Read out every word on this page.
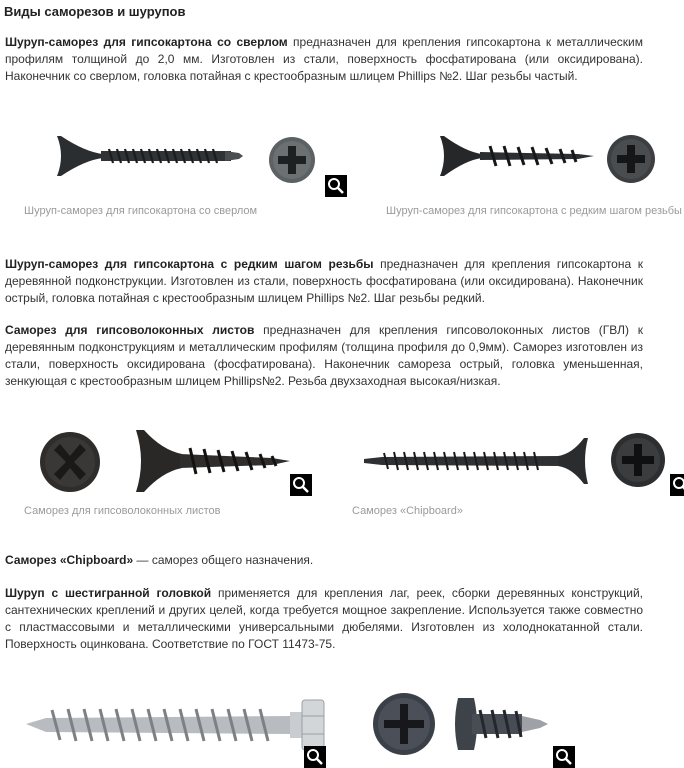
Виды саморезов и шурупов

Шуруп-саморез для гипсокартона со сверлом предназначен для крепления гипсокартона к металлическим профилям толщиной до 2,0 мм. Изготовлен из стали, поверхность фосфатирована (или оксидирована). Наконечник со сверлом, головка потайная с крестообразным шлицем Phillips №2. Шаг резьбы частый.

Шуруп-саморез для гипсокартона со сверлом	Шуруп-саморез для гипсокартона с редким шагом резьбы

Шуруп-саморез для гипсокартона с редким шагом резьбы предназначен для крепления гипсокартона к деревянной подконструкции. Изготовлен из стали, поверхность фосфатирована (или оксидирована). Наконечник острый, головка потайная с крестообразным шлицем Phillips №2. Шаг резьбы редкий.

Саморез для гипсоволоконных листов предназначен для крепления гипсоволоконных листов (ГВЛ) к деревянным подконструкциям и металлическим профилям (толщина профиля до 0,9мм). Саморез изготовлен из стали, поверхность оксидирована (фосфатирована). Наконечник самореза острый, головка уменьшенная, зенкующая с крестообразным шлицем Phillips№2. Резьба двухзаходная высокая/низкая.

Саморез для гипсоволоконных листов	Саморез «Chipboard»

Саморез «Chipboard» — саморез общего назначения.

Шуруп с шестигранной головкой применяется для крепления лаг, реек, сборки деревянных конструкций, сантехнических креплений и других целей, когда требуется мощное закрепление. Используется также совместно с пластмассовыми и металлическими универсальными дюбелями. Изготовлен из холоднокатанной стали. Поверхность оцинкована. Соответствие по ГОСТ 11473-75.
